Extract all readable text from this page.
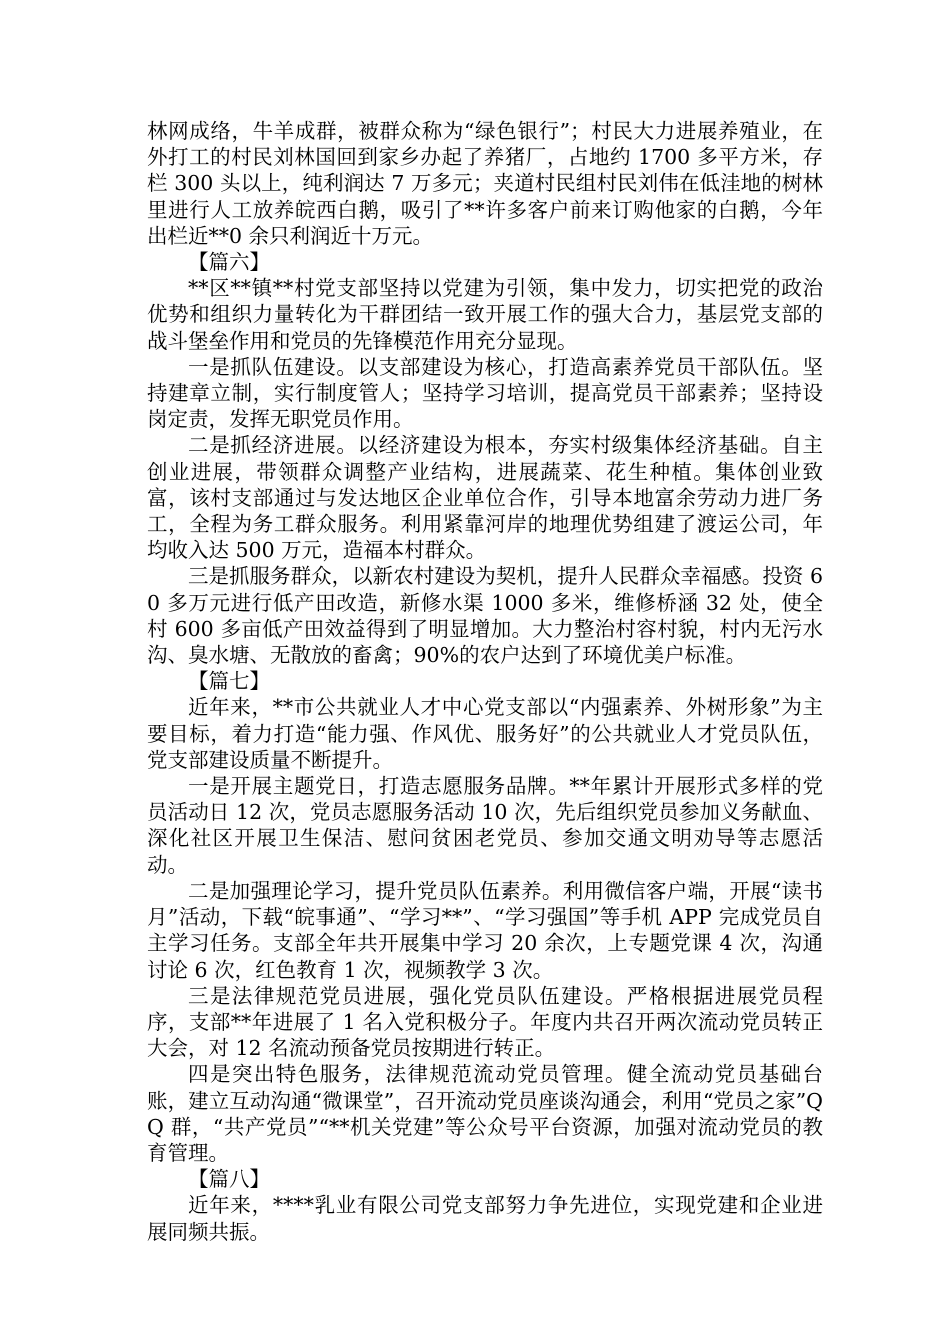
林网成络，牛羊成群，被群众称为“绿色银行”；村民大力进展养殖业，在外打工的村民刘林国回到家乡办起了养猪厂，占地约 1700 多平方米，存栏 300 头以上，纯利润达 7 万多元；夹道村民组村民刘伟在低洼地的树林里进行人工放养皖西白鹅，吸引了**许多客户前来订购他家的白鹅，今年出栏近**0 余只利润近十万元。

【篇六】

**区**镇**村党支部坚持以党建为引领，集中发力，切实把党的政治优势和组织力量转化为干群团结一致开展工作的强大合力，基层党支部的战斗堡垒作用和党员的先锋模范作用充分显现。

一是抓队伍建设。以支部建设为核心，打造高素养党员干部队伍。坚持建章立制，实行制度管人；坚持学习培训，提高党员干部素养；坚持设岗定责，发挥无职党员作用。

二是抓经济进展。以经济建设为根本，夯实村级集体经济基础。自主创业进展，带领群众调整产业结构，进展蔬菜、花生种植。集体创业致富，该村支部通过与发达地区企业单位合作，引导本地富余劳动力进厂务工，全程为务工群众服务。利用紧靠河岸的地理优势组建了渡运公司，年均收入达 500 万元，造福本村群众。

三是抓服务群众，以新农村建设为契机，提升人民群众幸福感。投资 60 多万元进行低产田改造，新修水渠 1000 多米，维修桥涵 32 处，使全村 600 多亩低产田效益得到了明显增加。大力整治村容村貌，村内无污水沟、臭水塘、无散放的畜禽；90%的农户达到了环境优美户标准。

【篇七】

近年来，**市公共就业人才中心党支部以“内强素养、外树形象”为主要目标，着力打造“能力强、作风优、服务好”的公共就业人才党员队伍，党支部建设质量不断提升。

一是开展主题党日，打造志愿服务品牌。**年累计开展形式多样的党员活动日 12 次，党员志愿服务活动 10 次，先后组织党员参加义务献血、深化社区开展卫生保洁、慰问贫困老党员、参加交通文明劝导等志愿活动。

二是加强理论学习，提升党员队伍素养。利用微信客户端，开展“读书月”活动，下载“皖事通”、“学习**”、“学习强国”等手机 APP 完成党员自主学习任务。支部全年共开展集中学习 20 余次，上专题党课 4 次，沟通讨论 6 次，红色教育 1 次，视频教学 3 次。

三是法律规范党员进展，强化党员队伍建设。严格根据进展党员程序，支部**年进展了 1 名入党积极分子。年度内共召开两次流动党员转正大会，对 12 名流动预备党员按期进行转正。

四是突出特色服务，法律规范流动党员管理。健全流动党员基础台账，建立互动沟通“微课堂”，召开流动党员座谈沟通会，利用“党员之家”QQ 群，“共产党员”“**机关党建”等公众号平台资源，加强对流动党员的教育管理。

【篇八】

近年来，****乳业有限公司党支部努力争先进位，实现党建和企业进展同频共振。
